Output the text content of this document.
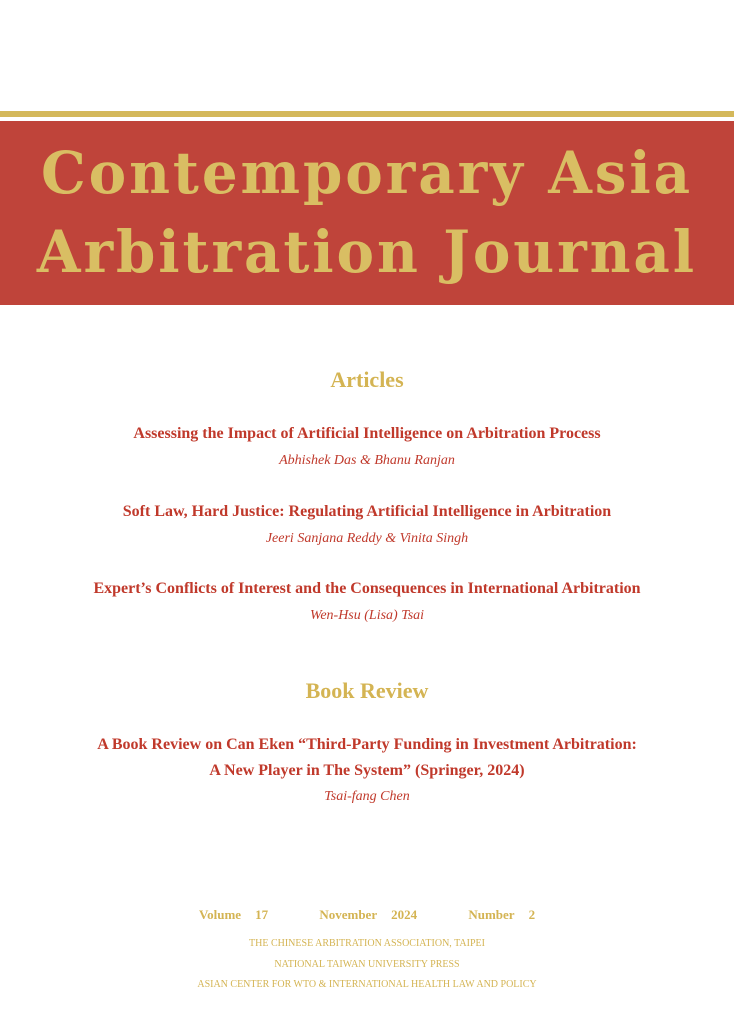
Contemporary Asia
Arbitration Journal
Articles
Assessing the Impact of Artificial Intelligence on Arbitration Process
Abhishek Das & Bhanu Ranjan
Soft Law, Hard Justice: Regulating Artificial Intelligence in Arbitration
Jeeri Sanjana Reddy & Vinita Singh
Expert’s Conflicts of Interest and the Consequences in International Arbitration
Wen-Hsu (Lisa) Tsai
Book Review
A Book Review on Can Eken “Third-Party Funding in Investment Arbitration:
A New Player in The System” (Springer, 2024)
Tsai-fang Chen
Volume 17	November 2024	Number 2
THE CHINESE ARBITRATION ASSOCIATION, TAIPEI
NATIONAL TAIWAN UNIVERSITY PRESS
ASIAN CENTER FOR WTO & INTERNATIONAL HEALTH LAW AND POLICY
